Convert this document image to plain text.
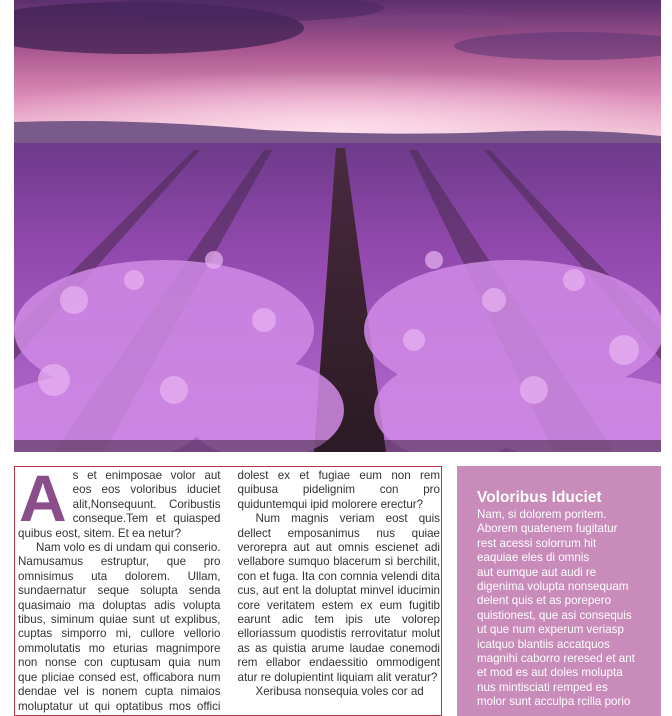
As et enimposae volor aut eos eos voloribus iduciet alit,Nonsequunt. Coribustis conseque.Tem et quiasped quibus eost, sitem. Et ea netur?

Nam volo es di undam qui conserio. Namusamus estruptur, que pro omnisimus uta dolorem. Ullam, sundaernatur seque solupta senda quasimaio ma doluptas adis volupta tibus, siminum quiae sunt ut explibus, cuptas simporro mi, cullore vellorio ommolutatis mo eturias magnimpore non nonse con cuptusam quia num que pliciae consed est, officabora num dendae vel is nonem cupta nimaios moluptatur ut qui optatibus mos offici dolest ex et fugiae eum non rem quibusa pidelignim con pro quiduntemqui ipid molorere erectur?

Num magnis veriam eost quis dellect emposanimus nus quiae verorepra aut aut omnis escienet adi vellabore sumquo blacerum si berchilit, con et fuga. Ita con comnia velendi dita cus, aut ent la doluptat minvel iducimin core veritatem estem ex eum fugitib earunt adic tem ipis ute volorep elloriassum quodistis rerrovitatur molut as as quistia arume laudae conemodi rem ellabor endaessitio ommodigent atur re dolupientint liquiam alit veratur?

Xeribusa nonsequia voles cor ad

Voloribus Iduciet
Nam, si dolorem poritem.
Aborem quatenem fugitatur
rest acessi solorrum hit
eaquiae eles di omnis
aut eumque aut audi re
digenima volupta nonsequam
delent quis et as porepero
quistionest, que asi consequis
ut que num experum veriasp
icatquo blantiis accatquos
magnihi caborro reresed et ant
et mod es aut doles molupta
nus mintisciati remped es
molor sunt acculpa rcilla porio
